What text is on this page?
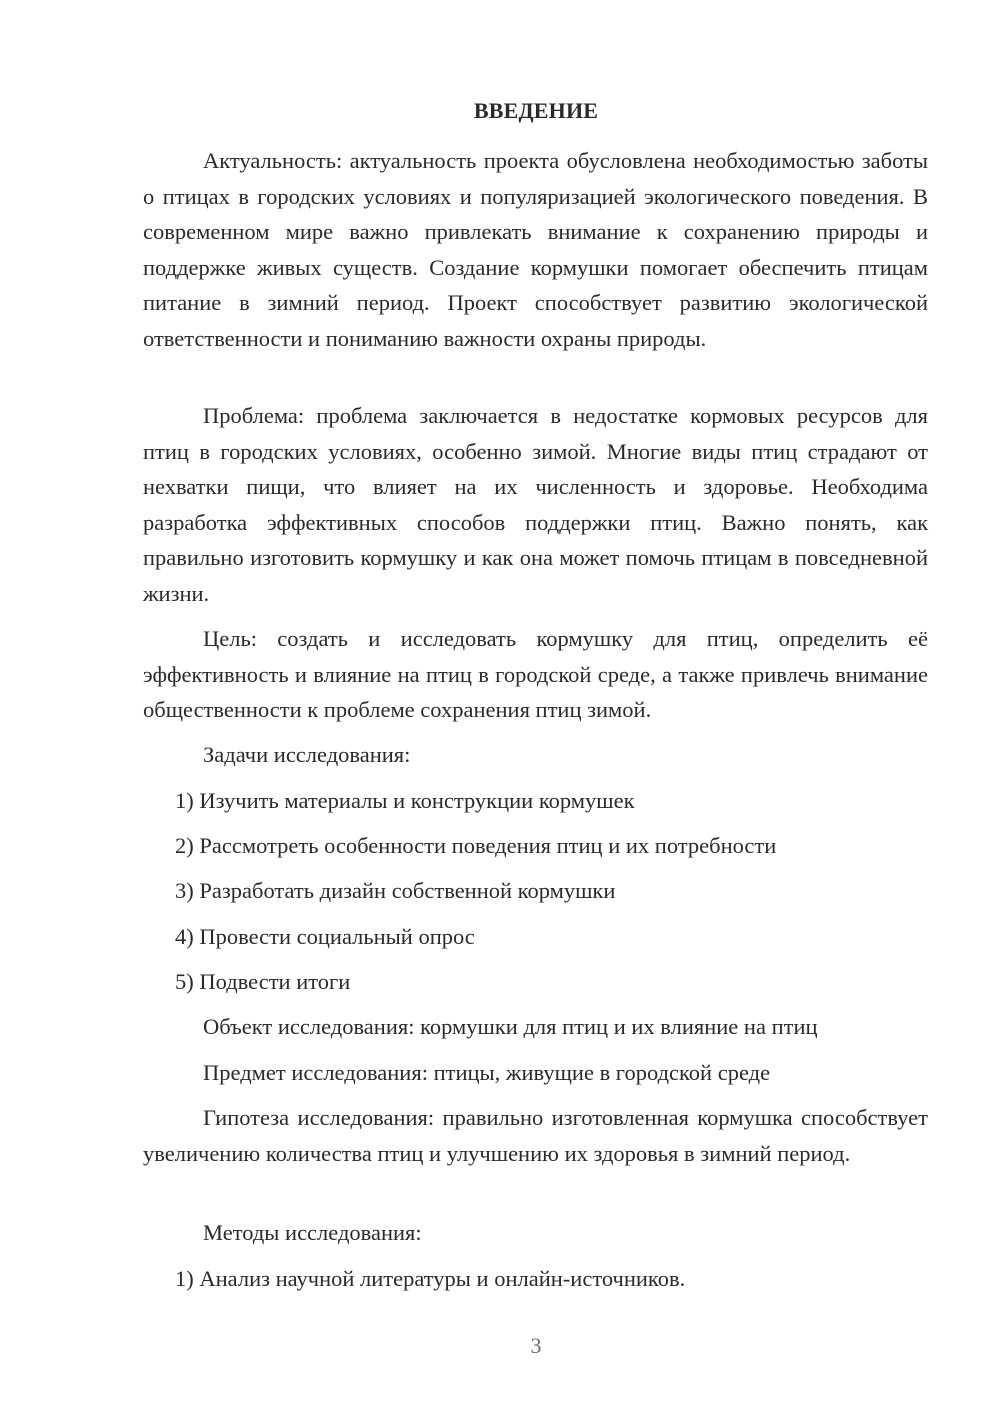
ВВЕДЕНИЕ

Актуальность: актуальность проекта обусловлена необходимостью заботы о птицах в городских условиях и популяризацией экологического поведения. В современном мире важно привлекать внимание к сохранению природы и поддержке живых существ. Создание кормушки помогает обеспечить птицам питание в зимний период. Проект способствует развитию экологической ответственности и пониманию важности охраны природы.

Проблема: проблема заключается в недостатке кормовых ресурсов для птиц в городских условиях, особенно зимой. Многие виды птиц страдают от нехватки пищи, что влияет на их численность и здоровье. Необходима разработка эффективных способов поддержки птиц. Важно понять, как правильно изготовить кормушку и как она может помочь птицам в повседневной жизни.

Цель: создать и исследовать кормушку для птиц, определить её эффективность и влияние на птиц в городской среде, а также привлечь внимание общественности к проблеме сохранения птиц зимой.

Задачи исследования:
1) Изучить материалы и конструкции кормушек
2) Рассмотреть особенности поведения птиц и их потребности
3) Разработать дизайн собственной кормушки
4) Провести социальный опрос
5) Подвести итоги
Объект исследования: кормушки для птиц и их влияние на птиц
Предмет исследования: птицы, живущие в городской среде

Гипотеза исследования: правильно изготовленная кормушка способствует увеличению количества птиц и улучшению их здоровья в зимний период.

Методы исследования:
1) Анализ научной литературы и онлайн-источников.
3
